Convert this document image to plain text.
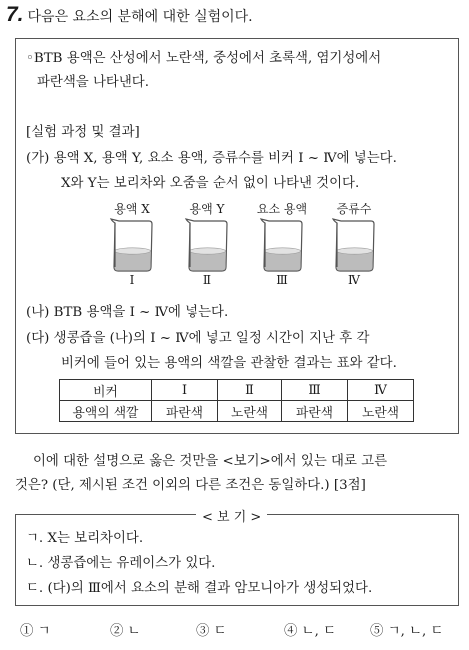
7. 다음은 요소의 분해에 대한 실험이다.
◦BTB 용액은 산성에서 노란색, 중성에서 초록색, 염기성에서
파란색을 나타낸다.
[실험 과정 및 결과]
(가) 용액 X, 용액 Y, 요소 용액, 증류수를 비커 Ⅰ ~ Ⅳ에 넣는다.
X와 Y는 보리차와 오줌을 순서 없이 나타낸 것이다.
용액 X
Ⅰ
용액 Y
Ⅱ
요소 용액
Ⅲ
증류수
Ⅳ
(나) BTB 용액을 Ⅰ ~ Ⅳ에 넣는다.
(다) 생콩즙을 (나)의 Ⅰ ~ Ⅳ에 넣고 일정 시간이 지난 후 각
비커에 들어 있는 용액의 색깔을 관찰한 결과는 표와 같다.
비커	Ⅰ	Ⅱ	Ⅲ	Ⅳ
용액의 색깔	파란색	노란색	파란색	노란색
이에 대한 설명으로 옳은 것만을 <보기>에서 있는 대로 고른
것은? (단, 제시된 조건 이외의 다른 조건은 동일하다.) [3점]
< 보 기 >
ㄱ. X는 보리차이다.
ㄴ. 생콩즙에는 유레이스가 있다.
ㄷ. (다)의 Ⅲ에서 요소의 분해 결과 암모니아가 생성되었다.
① ㄱ	② ㄴ	③ ㄷ	④ ㄴ, ㄷ	⑤ ㄱ, ㄴ, ㄷ
